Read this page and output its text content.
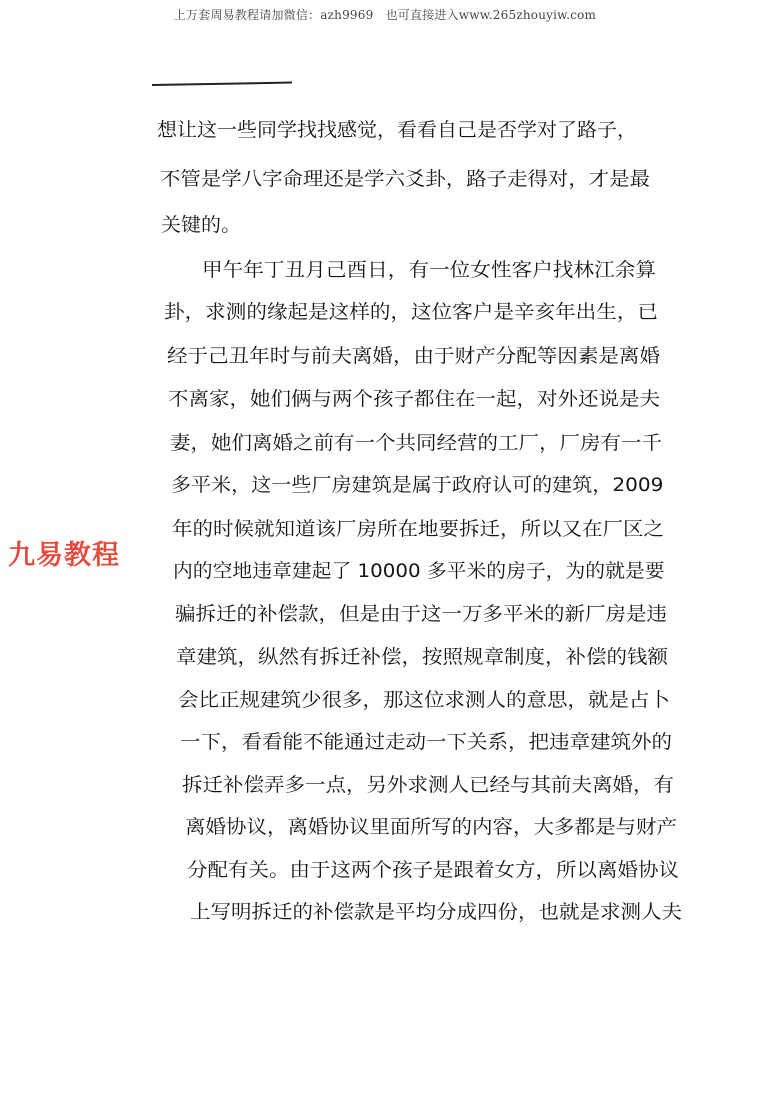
上万套周易教程请加微信：azh9969　也可直接进入www.265zhouyiw.com
九易教程
想让这一些同学找找感觉，看看自己是否学对了路子，
不管是学八字命理还是学六爻卦，路子走得对，才是最
关键的。
甲午年丁丑月己酉日，有一位女性客户找林江余算
卦，求测的缘起是这样的，这位客户是辛亥年出生，已
经于己丑年时与前夫离婚，由于财产分配等因素是离婚
不离家，她们俩与两个孩子都住在一起，对外还说是夫
妻，她们离婚之前有一个共同经营的工厂，厂房有一千
多平米，这一些厂房建筑是属于政府认可的建筑，2009
年的时候就知道该厂房所在地要拆迁，所以又在厂区之
内的空地违章建起了 10000 多平米的房子，为的就是要
骗拆迁的补偿款，但是由于这一万多平米的新厂房是违
章建筑，纵然有拆迁补偿，按照规章制度，补偿的钱额
会比正规建筑少很多，那这位求测人的意思，就是占卜
一下，看看能不能通过走动一下关系，把违章建筑外的
拆迁补偿弄多一点，另外求测人已经与其前夫离婚，有
离婚协议，离婚协议里面所写的内容，大多都是与财产
分配有关。由于这两个孩子是跟着女方，所以离婚协议
上写明拆迁的补偿款是平均分成四份，也就是求测人夫
